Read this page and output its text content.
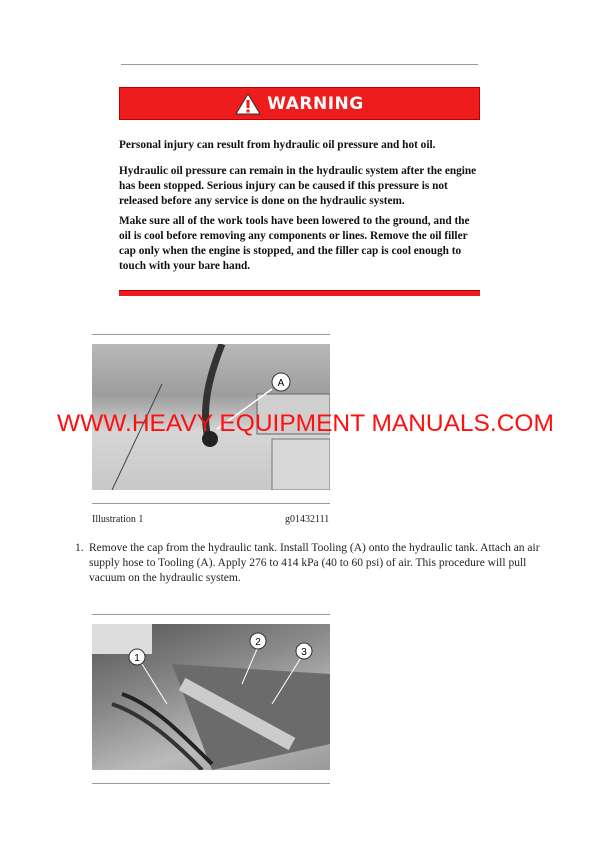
WARNING

Personal injury can result from hydraulic oil pressure and hot oil.

Hydraulic oil pressure can remain in the hydraulic system after the engine has been stopped. Serious injury can be caused if this pressure is not released before any service is done on the hydraulic system.

Make sure all of the work tools have been lowered to the ground, and the oil is cool before removing any components or lines. Remove the oil filler cap only when the engine is stopped, and the filler cap is cool enough to touch with your bare hand.

A
Illustration 1	g01432111
1. Remove the cap from the hydraulic tank. Install Tooling (A) onto the hydraulic tank. Attach an air supply hose to Tooling (A). Apply 276 to 414 kPa (40 to 60 psi) of air. This procedure will pull vacuum on the hydraulic system.
1
2
3
WWW.HEAVY EQUIPMENT MANUALS.COM
